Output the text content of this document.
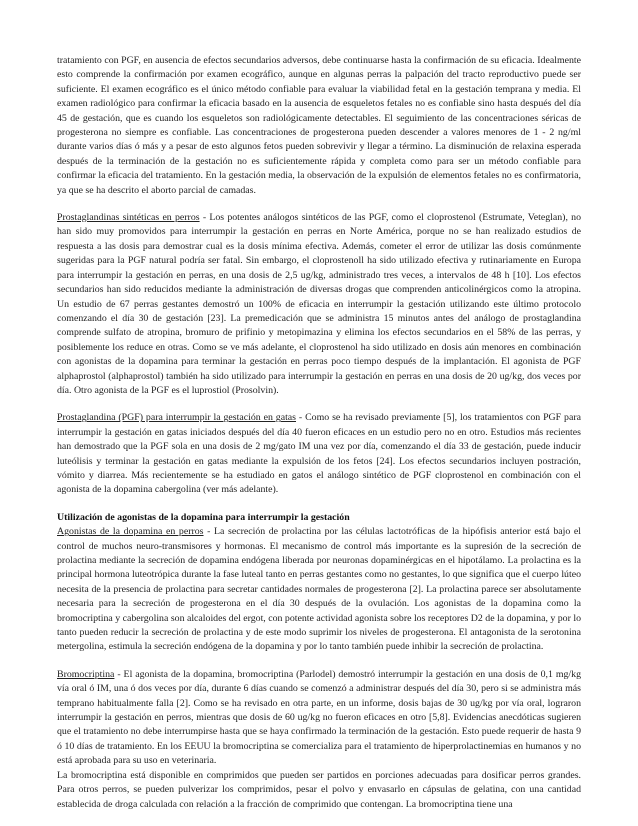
tratamiento con PGF, en ausencia de efectos secundarios adversos, debe continuarse hasta la confirmación de su eficacia. Idealmente esto comprende la confirmación por examen ecográfico, aunque en algunas perras la palpación del tracto reproductivo puede ser suficiente. El examen ecográfico es el único método confiable para evaluar la viabilidad fetal en la gestación temprana y media. El examen radiológico para confirmar la eficacia basado en la ausencia de esqueletos fetales no es confiable sino hasta después del día 45 de gestación, que es cuando los esqueletos son radiológicamente detectables. El seguimiento de las concentraciones séricas de progesterona no siempre es confiable. Las concentraciones de progesterona pueden descender a valores menores de 1 - 2 ng/ml durante varios días ó más y a pesar de esto algunos fetos pueden sobrevivir y llegar a término. La disminución de relaxina esperada después de la terminación de la gestación no es suficientemente rápida y completa como para ser un método confiable para confirmar la eficacia del tratamiento. En la gestación media, la observación de la expulsión de elementos fetales no es confirmatoria, ya que se ha descrito el aborto parcial de camadas.

Prostaglandinas sintéticas en perros - Los potentes análogos sintéticos de las PGF, como el cloprostenol (Estrumate, Veteglan), no han sido muy promovidos para interrumpir la gestación en perras en Norte América, porque no se han realizado estudios de respuesta a las dosis para demostrar cual es la dosis mínima efectiva. Además, cometer el error de utilizar las dosis comúnmente sugeridas para la PGF natural podría ser fatal. Sin embargo, el cloprostenoll ha sido utilizado efectiva y rutinariamente en Europa para interrumpir la gestación en perras, en una dosis de 2,5 ug/kg, administrado tres veces, a intervalos de 48 h [10]. Los efectos secundarios han sido reducidos mediante la administración de diversas drogas que comprenden anticolinérgicos como la atropina. Un estudio de 67 perras gestantes demostró un 100% de eficacia en interrumpir la gestación utilizando este último protocolo comenzando el día 30 de gestación [23]. La premedicación que se administra 15 minutos antes del análogo de prostaglandina comprende sulfato de atropina, bromuro de prifinio y metopimazina y elimina los efectos secundarios en el 58% de las perras, y posiblemente los reduce en otras. Como se ve más adelante, el cloprostenol ha sido utilizado en dosis aún menores en combinación con agonistas de la dopamina para terminar la gestación en perras poco tiempo después de la implantación. El agonista de PGF alphaprostol (alphaprostol) también ha sido utilizado para interrumpir la gestación en perras en una dosis de 20 ug/kg, dos veces por día. Otro agonista de la PGF es el luprostiol (Prosolvin).

Prostaglandina (PGF) para interrumpir la gestación en gatas - Como se ha revisado previamente [5], los tratamientos con PGF para interrumpir la gestación en gatas iniciados después del día 40 fueron eficaces en un estudio pero no en otro. Estudios más recientes han demostrado que la PGF sola en una dosis de 2 mg/gato IM una vez por día, comenzando el día 33 de gestación, puede inducir luteólisis y terminar la gestación en gatas mediante la expulsión de los fetos [24]. Los efectos secundarios incluyen postración, vómito y diarrea. Más recientemente se ha estudiado en gatos el análogo sintético de PGF cloprostenol en combinación con el agonista de la dopamina cabergolina (ver más adelante).

Utilización de agonistas de la dopamina para interrumpir la gestación

Agonistas de la dopamina en perros - La secreción de prolactina por las células lactotróficas de la hipófisis anterior está bajo el control de muchos neuro-transmisores y hormonas. El mecanismo de control más importante es la supresión de la secreción de prolactina mediante la secreción de dopamina endógena liberada por neuronas dopaminérgicas en el hipotálamo. La prolactina es la principal hormona luteotrópica durante la fase luteal tanto en perras gestantes como no gestantes, lo que significa que el cuerpo lúteo necesita de la presencia de prolactina para secretar cantidades normales de progesterona [2]. La prolactina parece ser absolutamente necesaria para la secreción de progesterona en el día 30 después de la ovulación. Los agonistas de la dopamina como la bromocriptina y cabergolina son alcaloides del ergot, con potente actividad agonista sobre los receptores D2 de la dopamina, y por lo tanto pueden reducir la secreción de prolactina y de este modo suprimir los niveles de progesterona. El antagonista de la serotonina metergolina, estimula la secreción endógena de la dopamina y por lo tanto también puede inhibir la secreción de prolactina.

Bromocriptina - El agonista de la dopamina, bromocriptina (Parlodel) demostró interrumpir la gestación en una dosis de 0,1 mg/kg vía oral ó IM, una ó dos veces por día, durante 6 días cuando se comenzó a administrar después del día 30, pero si se administra más temprano habitualmente falla [2]. Como se ha revisado en otra parte, en un informe, dosis bajas de 30 ug/kg por vía oral, lograron interrumpir la gestación en perros, mientras que dosis de 60 ug/kg no fueron eficaces en otro [5,8]. Evidencias anecdóticas sugieren que el tratamiento no debe interrumpirse hasta que se haya confirmado la terminación de la gestación. Esto puede requerir de hasta 9 ó 10 días de tratamiento. En los EEUU la bromocriptina se comercializa para el tratamiento de hiperprolactinemias en humanos y no está aprobada para su uso en veterinaria.

La bromocriptina está disponible en comprimidos que pueden ser partidos en porciones adecuadas para dosificar perros grandes. Para otros perros, se pueden pulverizar los comprimidos, pesar el polvo y envasarlo en cápsulas de gelatina, con una cantidad establecida de droga calculada con relación a la fracción de comprimido que contengan. La bromocriptina tiene una
